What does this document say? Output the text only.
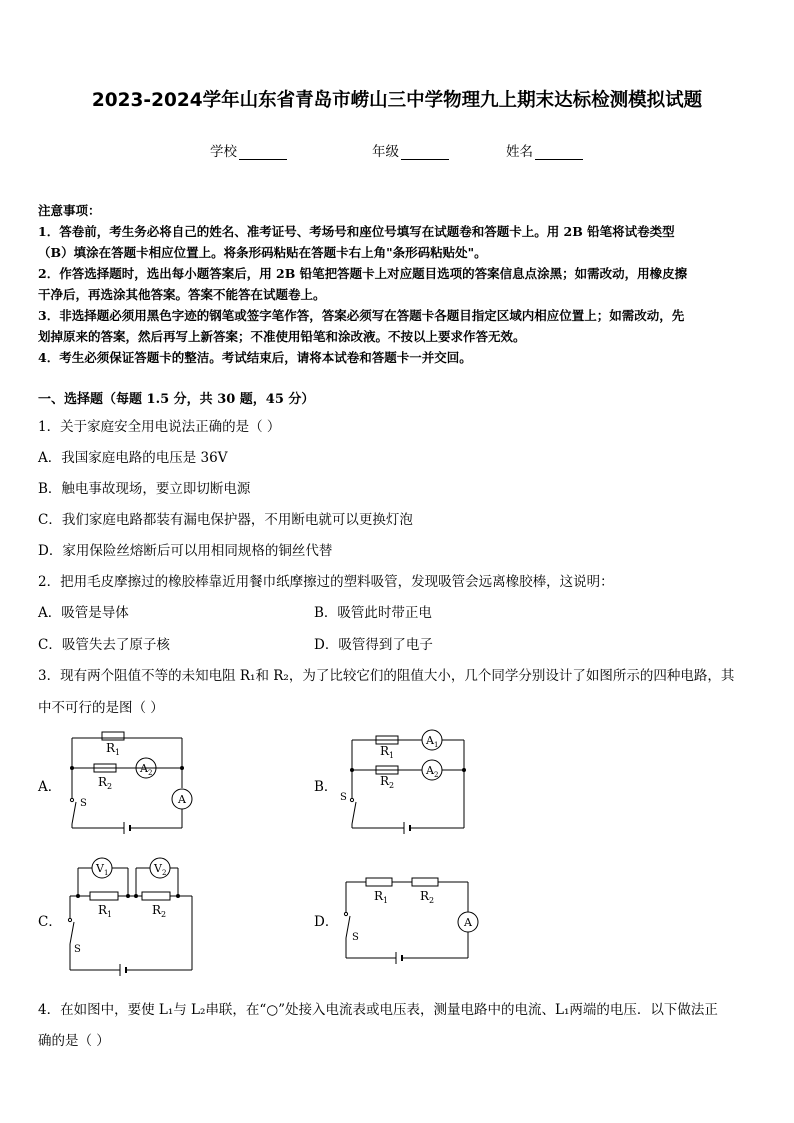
2023-2024学年山东省青岛市崂山三中学物理九上期末达标检测模拟试题
学校	年级	姓名
注意事项：
1．答卷前，考生务必将自己的姓名、准考证号、考场号和座位号填写在试题卷和答题卡上。用 2B 铅笔将试卷类型
（B）填涂在答题卡相应位置上。将条形码粘贴在答题卡右上角"条形码粘贴处"。
2．作答选择题时，选出每小题答案后，用 2B 铅笔把答题卡上对应题目选项的答案信息点涂黑；如需改动，用橡皮擦
干净后，再选涂其他答案。答案不能答在试题卷上。
3．非选择题必须用黑色字迹的钢笔或签字笔作答，答案必须写在答题卡各题目指定区域内相应位置上；如需改动，先
划掉原来的答案，然后再写上新答案；不准使用铅笔和涂改液。不按以上要求作答无效。
4．考生必须保证答题卡的整洁。考试结束后，请将本试卷和答题卡一并交回。
一、选择题（每题 1.5 分，共 30 题，45 分）
1．关于家庭安全用电说法正确的是（ ）
A．我国家庭电路的电压是 36V
B．触电事故现场，要立即切断电源
C．我们家庭电路都装有漏电保护器，不用断电就可以更换灯泡
D．家用保险丝熔断后可以用相同规格的铜丝代替
2．把用毛皮摩擦过的橡胶棒靠近用餐巾纸摩擦过的塑料吸管，发现吸管会远离橡胶棒，这说明：
A．吸管是导体	B．吸管此时带正电
C．吸管失去了原子核	D．吸管得到了电子
3．现有两个阻值不等的未知电阻 R₁和 R₂，为了比较它们的阻值大小，几个同学分别设计了如图所示的四种电路，其
中不可行的是图（ ）
A．	B．
C．	D．
$R_1$
$R_2$
$A_2$
A
S
$R_1$
$R_2$
$A_1$
$A_2$
S
$R_1$	$R_2$
$V_1$	$V_2$
S
$R_1$	$R_2$
A
S
4．在如图中，要使 L₁与 L₂串联，在“○”处接入电流表或电压表，测量电路中的电流、L₁两端的电压．以下做法正
确的是（ ）
